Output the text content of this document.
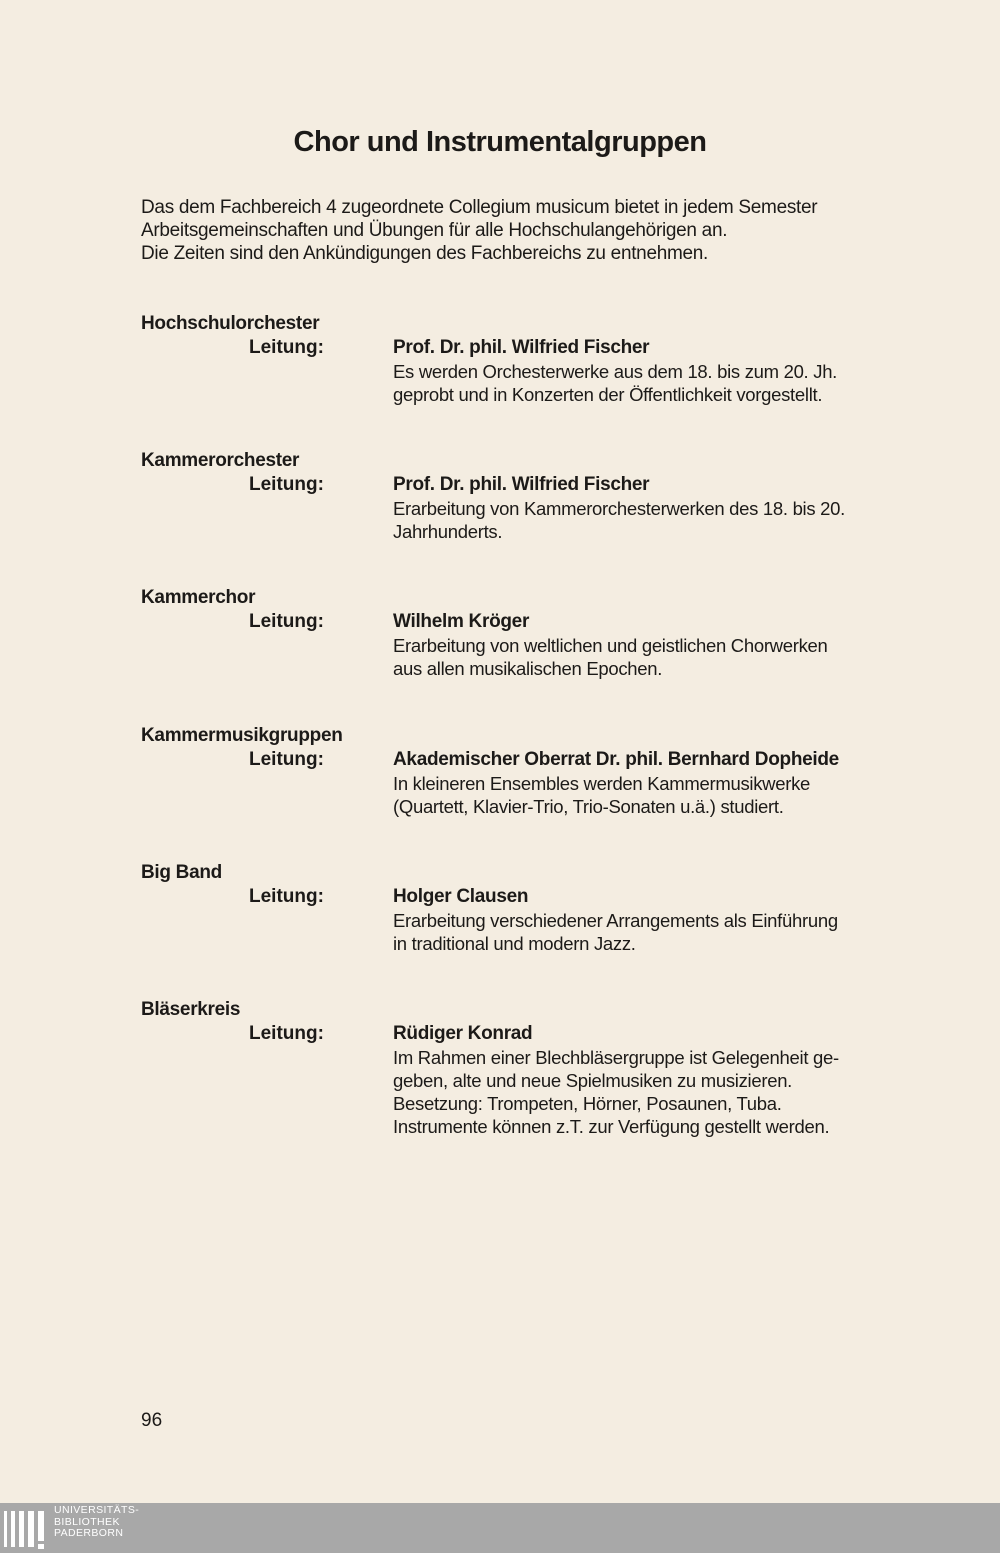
Chor und Instrumentalgruppen

Das dem Fachbereich 4 zugeordnete Collegium musicum bietet in jedem Semester

Arbeitsgemeinschaften und Übungen für alle Hochschulangehörigen an.

Die Zeiten sind den Ankündigungen des Fachbereichs zu entnehmen.

Hochschulorchester
Leitung:	Prof. Dr. phil. Wilfried Fischer

Es werden Orchesterwerke aus dem 18. bis zum 20. Jh.

geprobt und in Konzerten der Öffentlichkeit vorgestellt.

Kammerorchester
Leitung:	Prof. Dr. phil. Wilfried Fischer

Erarbeitung von Kammerorchesterwerken des 18. bis 20.

Jahrhunderts.

Kammerchor
Leitung:	Wilhelm Kröger

Erarbeitung von weltlichen und geistlichen Chorwerken

aus allen musikalischen Epochen.

Kammermusikgruppen
Leitung:	Akademischer Oberrat Dr. phil. Bernhard Dopheide

In kleineren Ensembles werden Kammermusikwerke

(Quartett, Klavier-Trio, Trio-Sonaten u.ä.) studiert.

Big Band
Leitung:	Holger Clausen

Erarbeitung verschiedener Arrangements als Einführung

in traditional und modern Jazz.

Bläserkreis
Leitung:	Rüdiger Konrad

Im Rahmen einer Blechbläsergruppe ist Gelegenheit ge-

geben, alte und neue Spielmusiken zu musizieren.

Besetzung: Trompeten, Hörner, Posaunen, Tuba.

Instrumente können z.T. zur Verfügung gestellt werden.

96
UNIVERSITÄTS-
BIBLIOTHEK
PADERBORN
